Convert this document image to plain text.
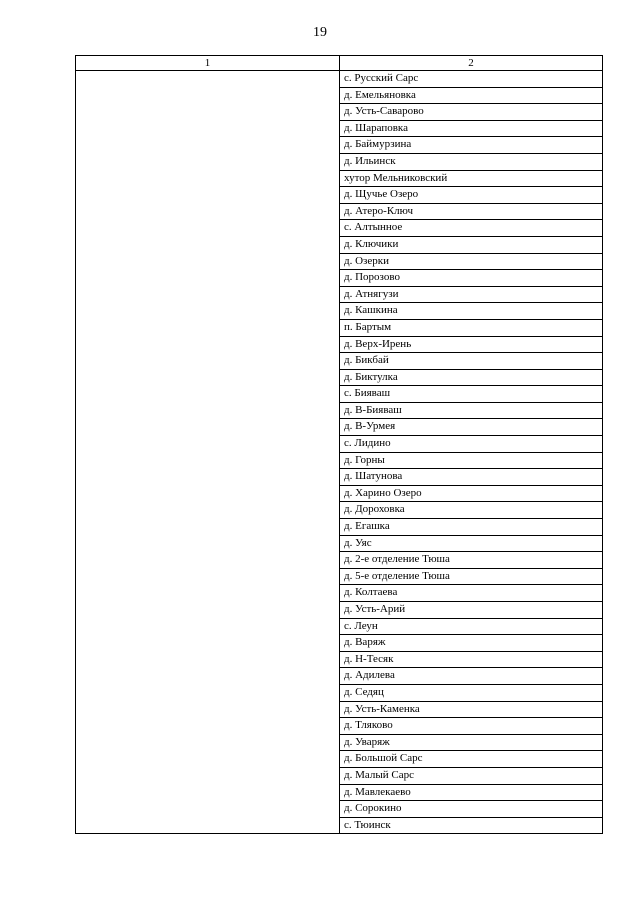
19
1	2
	с. Русский Сарс
	д. Емельяновка
	д. Усть-Саварово
	д. Шараповка
	д. Баймурзина
	д. Ильинск
	хутор Мельниковский
	д. Щучье Озеро
	д. Атеро-Ключ
	с. Алтынное
	д. Ключики
	д. Озерки
	д. Порозово
	д. Атнягузи
	д. Кашкина
	п. Бартым
	д. Верх-Ирень
	д. Бикбай
	д. Биктулка
	с. Бияваш
	д. В-Бияваш
	д. В-Урмея
	с. Лидино
	д. Горны
	д. Шатунова
	д. Харино Озеро
	д. Дороховка
	д. Егашка
	д. Уяс
	д. 2-е отделение Тюша
	д. 5-е отделение Тюша
	д. Колтаева
	д. Усть-Арий
	с. Леун
	д. Варяж
	д. Н-Тесяк
	д. Адилева
	д. Седяц
	д. Усть-Каменка
	д. Тляково
	д. Уваряж
	д. Большой Сарс
	д. Малый Сарс
	д. Мавлекаево
	д. Сорокино
	с. Тюинск
